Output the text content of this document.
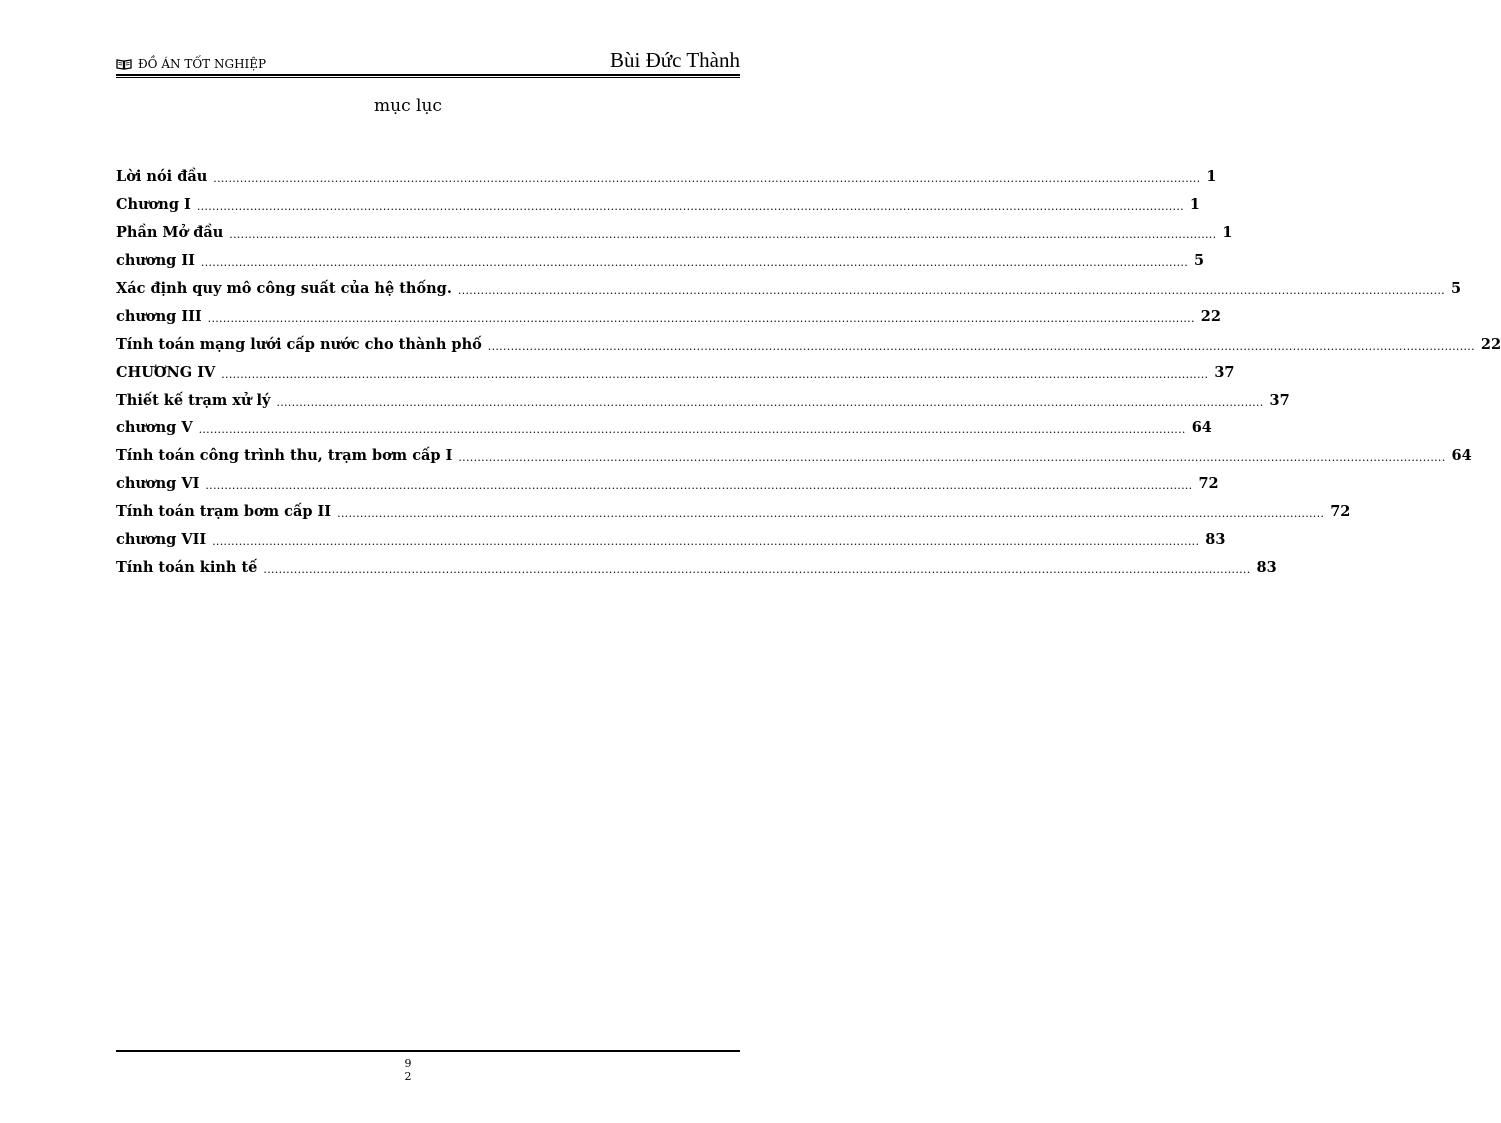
ĐỒ ÁN TỐT NGHIỆP	Bùi Đức Thành
mục lục
Lời nói đầu .................................................................................................................................................................................................................................................................... 1
Chương I .................................................................................................................................................................................................................................................................... 1
Phần Mở đầu .................................................................................................................................................................................................................................................................... 1
chương II .................................................................................................................................................................................................................................................................... 5
Xác định quy mô công suất của hệ thống. .................................................................................................................................................................................................................................................................... 5
chương III .................................................................................................................................................................................................................................................................... 22
Tính toán mạng lưới cấp nước cho thành phố .................................................................................................................................................................................................................................................................... 22
CHƯƠNG IV .................................................................................................................................................................................................................................................................... 37
Thiết kế trạm xử lý .................................................................................................................................................................................................................................................................... 37
chương V .................................................................................................................................................................................................................................................................... 64
Tính toán công trình thu, trạm bơm cấp I .................................................................................................................................................................................................................................................................... 64
chương VI .................................................................................................................................................................................................................................................................... 72
Tính toán trạm bơm cấp II .................................................................................................................................................................................................................................................................... 72
chương VII .................................................................................................................................................................................................................................................................... 83
Tính toán kinh tế .................................................................................................................................................................................................................................................................... 83
9
2
